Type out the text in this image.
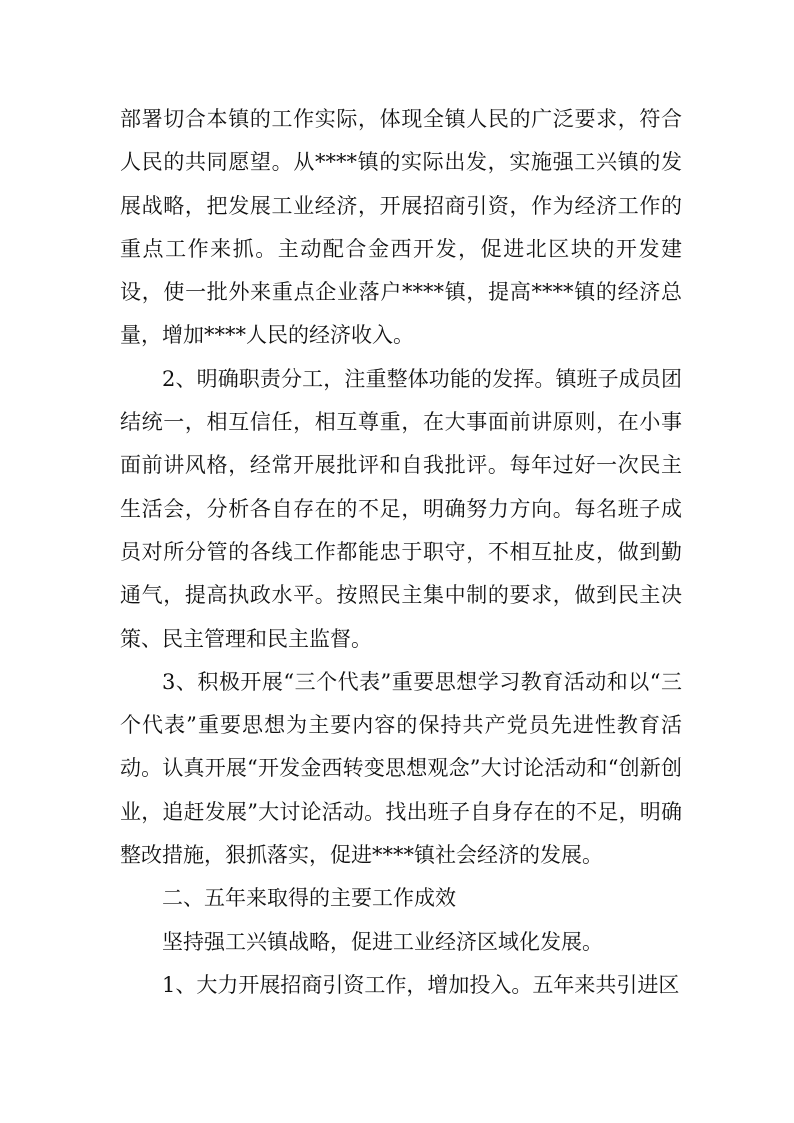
部署切合本镇的工作实际，体现全镇人民的广泛要求，符合人民的共同愿望。从****镇的实际出发，实施强工兴镇的发展战略，把发展工业经济，开展招商引资，作为经济工作的重点工作来抓。主动配合金西开发，促进北区块的开发建设，使一批外来重点企业落户****镇，提高****镇的经济总量，增加****人民的经济收入。

2、明确职责分工，注重整体功能的发挥。镇班子成员团结统一，相互信任，相互尊重，在大事面前讲原则，在小事面前讲风格，经常开展批评和自我批评。每年过好一次民主生活会，分析各自存在的不足，明确努力方向。每名班子成员对所分管的各线工作都能忠于职守，不相互扯皮，做到勤通气，提高执政水平。按照民主集中制的要求，做到民主决策、民主管理和民主监督。

3、积极开展“三个代表”重要思想学习教育活动和以“三个代表”重要思想为主要内容的保持共产党员先进性教育活动。认真开展“开发金西转变思想观念”大讨论活动和“创新创业，追赶发展”大讨论活动。找出班子自身存在的不足，明确整改措施，狠抓落实，促进****镇社会经济的发展。

二、五年来取得的主要工作成效

坚持强工兴镇战略，促进工业经济区域化发展。

1、大力开展招商引资工作，增加投入。五年来共引进区
